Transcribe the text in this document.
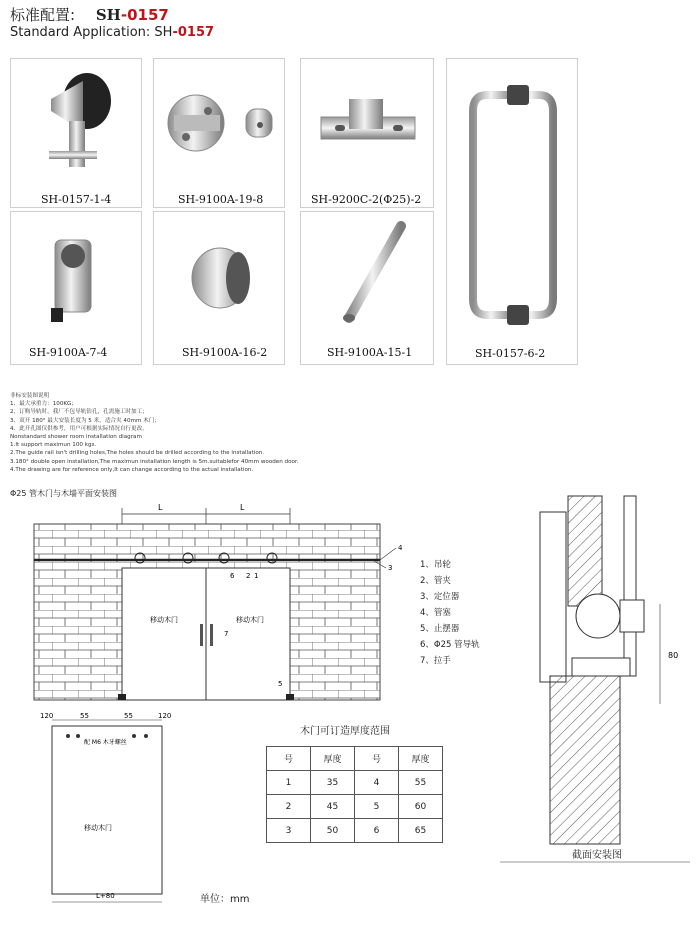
标准配置: SH-0157
Standard Application: SH-0157
SH-0157-1-4	SH-9100A-19-8	SH-9200C-2(Φ25)-2
SH-0157-6-2
SH-9100A-7-4	SH-9100A-16-2	SH-9100A-15-1
非标安装图说明
1、最大承重力：100KG；
2、订购导轨时，我厂不包导轨钻孔，孔需施工时加工；
3、双开 180° 最大安装长度为 5 米，适合夹 40mm 木门；
4、此开孔图仅供参考，用户可根据实际情况自行更改。
Nonstandard shower room installation diagram
1.It support maximun 100 kgs.
2.The guide rail isn't drilling holes,The holes should be drilled according to the installation.
3.180° double open installation,The maximun installation length is 5m.suitablefor 40mm wooden door.
4.The drawing are for reference only,It can change according to the actual installation.
Φ25 管木门与木墙平面安装图
L	L
移动木门	移动木门
1
2
3
4
5
6
7
1、吊轮
2、管夹
3、定位器
4、管塞
5、止摆器
6、Φ25 管导轨
7、拉手
120	55	55	120
配 M6 木牙螺丝
移动木门
L+80
木门可订造厚度范围
号	厚度	号	厚度
1	35	4	55
2	45	5	60
3	50	6	65
单位：mm
80
截面安装图
